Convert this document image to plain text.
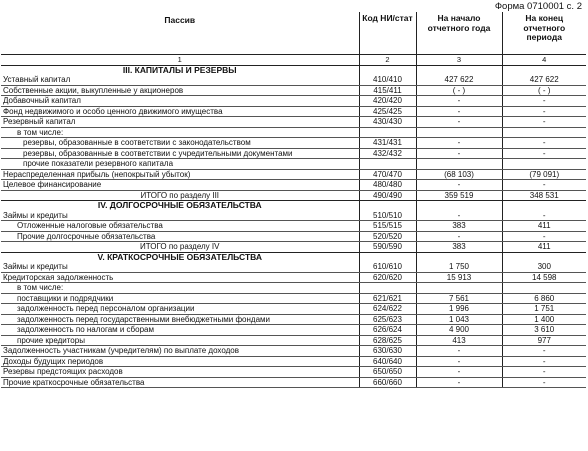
Форма 0710001 с. 2
Пассив	Код НИ/стат	На начало отчетного года	На конец отчетного периода
1	2	3	4
III. КАПИТАЛЫ И РЕЗЕРВЫ			
Уставный капитал	410/410	427 622	427 622
Собственные акции, выкупленные у акционеров	415/411	( - )	( - )
Добавочный капитал	420/420	-	-
Фонд недвижимого и особо ценного движимого имущества	425/425	-	-
Резервный капитал	430/430	-	-
в том числе:			
резервы, образованные в соответствии с законодательством	431/431	-	-
резервы, образованные в соответствии с учредительными документами	432/432	-	-
прочие показатели резервного капитала			
Нераспределенная прибыль (непокрытый убыток)	470/470	(68 103)	(79 091)
Целевое финансирование	480/480	-	-
ИТОГО по разделу III	490/490	359 519	348 531
IV. ДОЛГОСРОЧНЫЕ ОБЯЗАТЕЛЬСТВА			
Займы и кредиты	510/510	-	-
Отложенные налоговые обязательства	515/515	383	411
Прочие долгосрочные обязательства	520/520	-	-
ИТОГО по разделу IV	590/590	383	411
V. КРАТКОСРОЧНЫЕ ОБЯЗАТЕЛЬСТВА			
Займы и кредиты	610/610	1 750	300
Кредиторская задолженность	620/620	15 913	14 598
в том числе:			
поставщики и подрядчики	621/621	7 561	6 860
задолженность перед персоналом организации	624/622	1 996	1 751
задолженность перед государственными внебюджетными фондами	625/623	1 043	1 400
задолженность по налогам и сборам	626/624	4 900	3 610
прочие кредиторы	628/625	413	977
Задолженность участникам (учредителям) по выплате доходов	630/630	-	-
Доходы будущих периодов	640/640	-	-
Резервы предстоящих расходов	650/650	-	-
Прочие краткосрочные обязательства	660/660	-	-
